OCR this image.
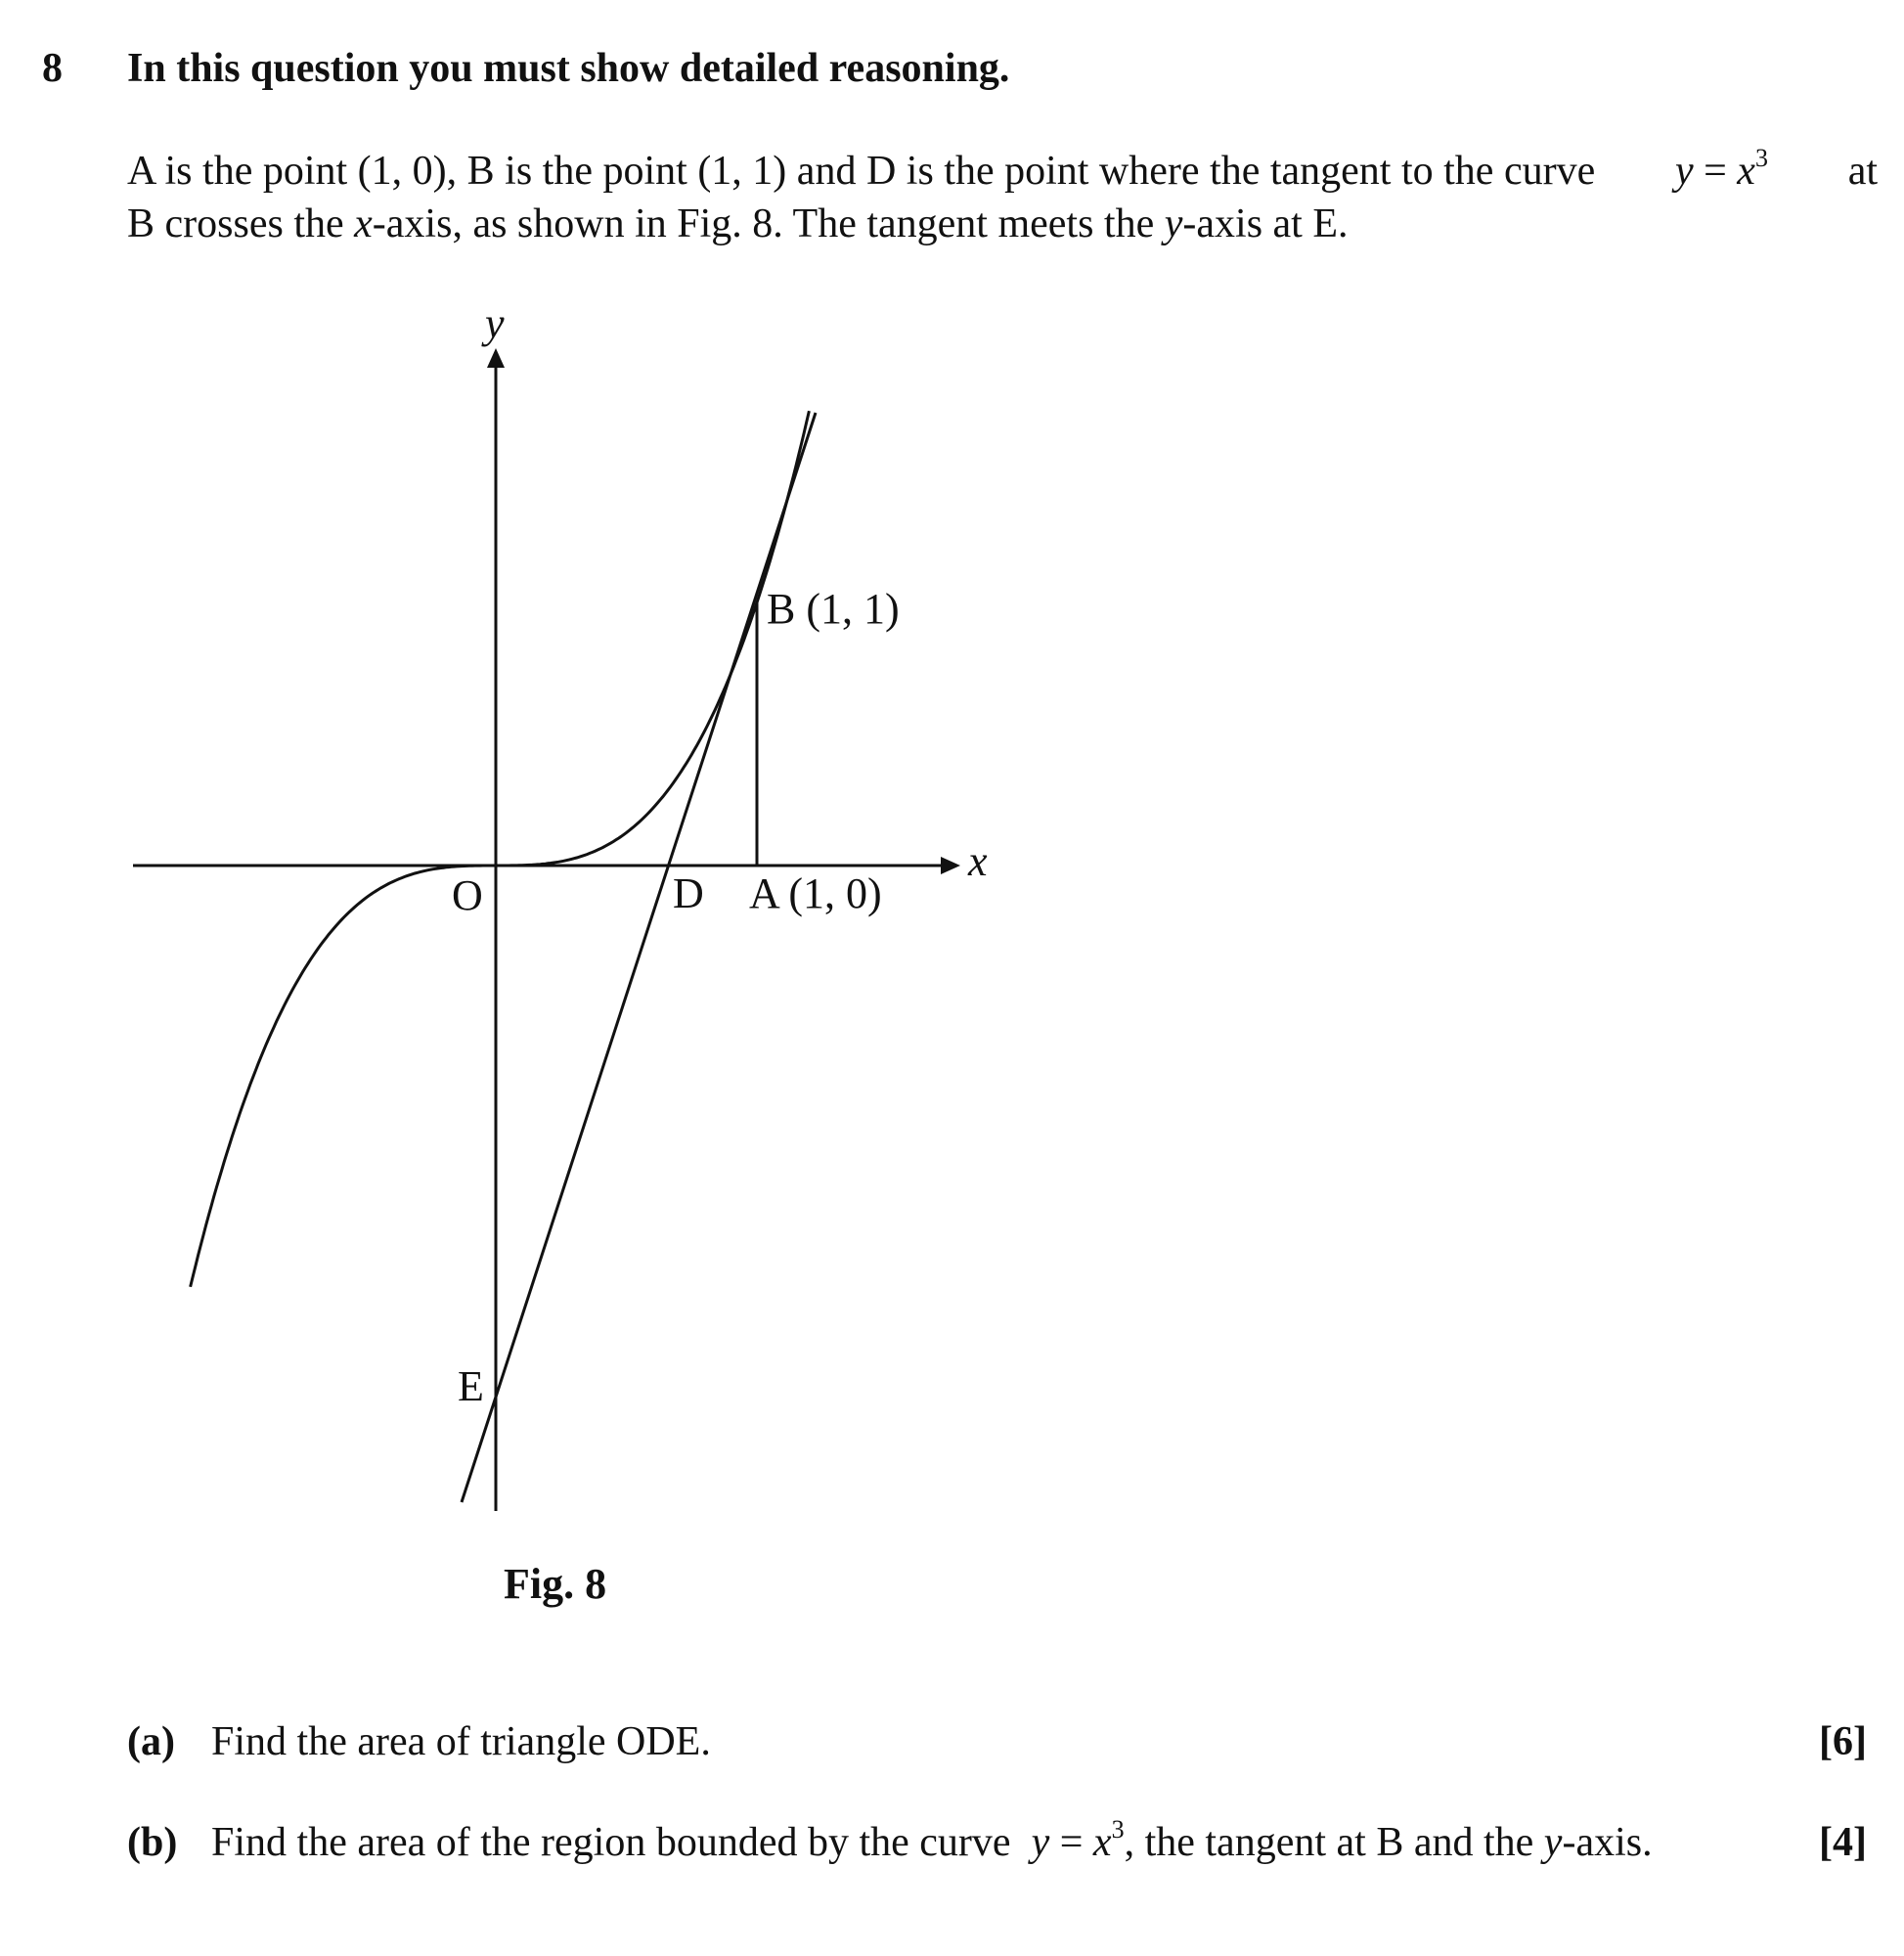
8 In this question you must show detailed reasoning.
A is the point (1, 0), B is the point (1, 1) and D is the point where the tangent to the curve $y = x^3$ at
B crosses the x-axis, as shown in Fig. 8. The tangent meets the y-axis at E.
y
x
O	D A (1, 0)
B (1, 1)
E
Fig. 8
(a) Find the area of triangle ODE.	[6]
(b) Find the area of the region bounded by the curve $y = x^3$, the tangent at B and the y-axis.	[4]
